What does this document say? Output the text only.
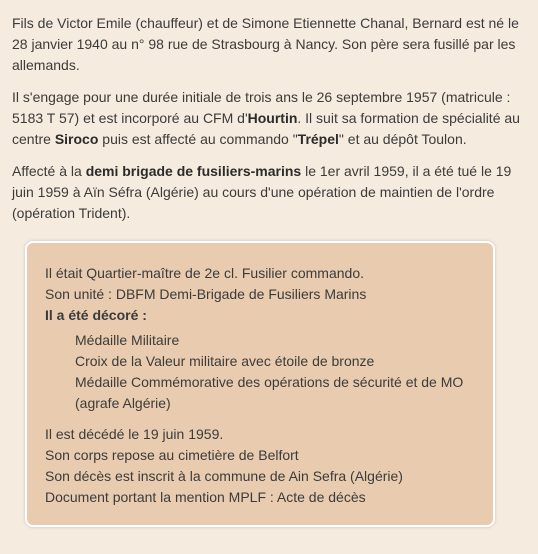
Fils de Victor Emile (chauffeur) et de Simone Etiennette Chanal, Bernard est né le 28 janvier 1940 au n° 98 rue de Strasbourg à Nancy. Son père sera fusillé par les allemands.

Il s'engage pour une durée initiale de trois ans le 26 septembre 1957 (matricule : 5183 T 57) et est incorporé au CFM d'Hourtin. Il suit sa formation de spécialité au centre Siroco puis est affecté au commando "Trépel" et au dépôt Toulon.

Affecté à la demi brigade de fusiliers-marins le 1er avril 1959, il a été tué le 19 juin 1959 à Aïn Séfra (Algérie) au cours d'une opération de maintien de l'ordre (opération Trident).

Il était Quartier-maître de 2e cl. Fusilier commando.
Son unité : DBFM Demi-Brigade de Fusiliers Marins
Il a été décoré :
Médaille Militaire
Croix de la Valeur militaire avec étoile de bronze
Médaille Commémorative des opérations de sécurité et de MO
(agrafe Algérie)
Il est décédé le 19 juin 1959.
Son corps repose au cimetière de Belfort
Son décès est inscrit à la commune de Ain Sefra (Algérie)
Document portant la mention MPLF : Acte de décès
